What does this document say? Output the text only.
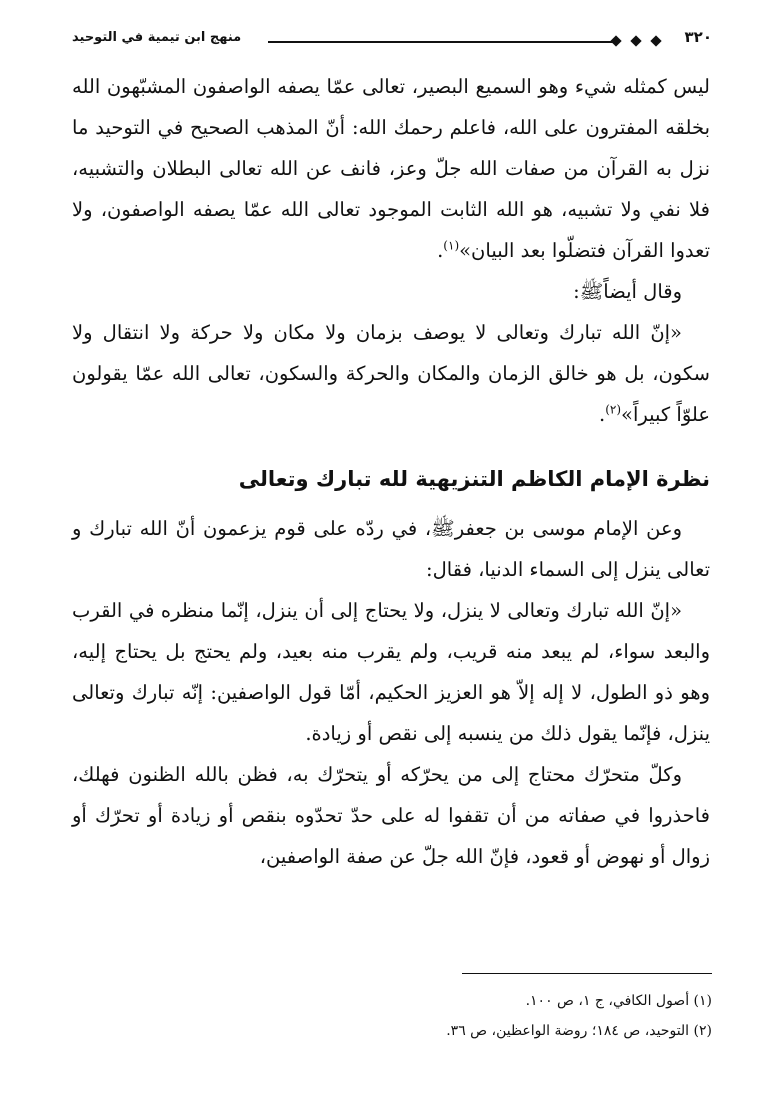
منهج ابن تيمية في التوحيد	٣٢٠

ليس كمثله شيء وهو السميع البصير، تعالى عمّا يصفه الواصفون المشبّهون الله بخلقه المفترون على الله، فاعلم رحمك الله: أنّ المذهب الصحيح في التوحيد ما نزل به القرآن من صفات الله جلّ وعز، فانف عن الله تعالى البطلان والتشبيه، فلا نفي ولا تشبيه، هو الله الثابت الموجود تعالى الله عمّا يصفه الواصفون، ولا تعدوا القرآن فتضلّوا بعد البيان»$^{(١)}$.

وقال أيضاًﷺ:

«إنّ الله تبارك وتعالى لا يوصف بزمان ولا مكان ولا حركة ولا انتقال ولا سكون، بل هو خالق الزمان والمكان والحركة والسكون، تعالى الله عمّا يقولون علوّاً كبيراً»$^{(٢)}$.

نظرة الإمام الكاظم التنزيهية لله تبارك وتعالى

وعن الإمام موسى بن جعفرﷺ، في ردّه على قوم يزعمون أنّ الله تبارك و تعالى ينزل إلى السماء الدنيا، فقال:

«إنّ الله تبارك وتعالى لا ينزل، ولا يحتاج إلى أن ينزل، إنّما منظره في القرب والبعد سواء، لم يبعد منه قريب، ولم يقرب منه بعيد، ولم يحتج بل يحتاج إليه، وهو ذو الطول، لا إله إلاّ هو العزيز الحكيم، أمّا قول الواصفين: إنّه تبارك وتعالى ينزل، فإنّما يقول ذلك من ينسبه إلى نقص أو زيادة.

وكلّ متحرّك محتاج إلى من يحرّكه أو يتحرّك به، فظن بالله الظنون فهلك، فاحذروا في صفاته من أن تقفوا له على حدّ تحدّوه بنقص أو زيادة أو تحرّك أو زوال أو نهوض أو قعود، فإنّ الله جلّ عن صفة الواصفين،

(١) أصول الكافي، ج ١، ص ١٠٠.

(٢) التوحيد، ص ١٨٤؛ روضة الواعظين، ص ٣٦.
